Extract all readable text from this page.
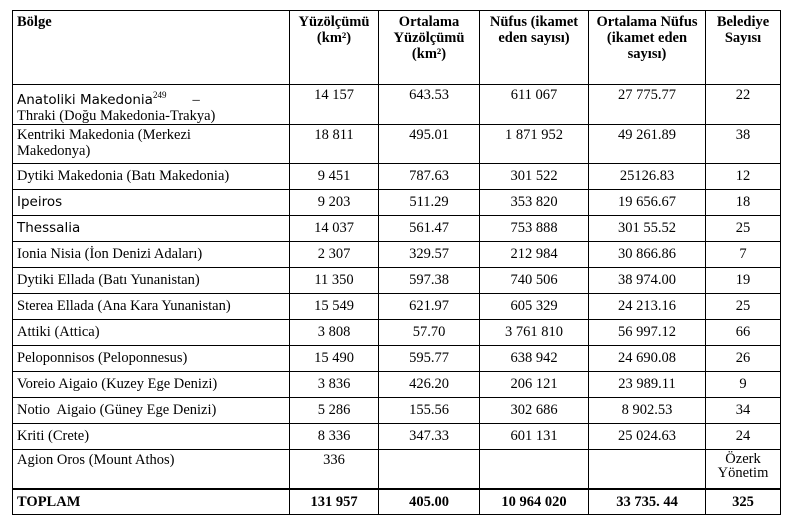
Bölge	Yüzölçümü (km²)	Ortalama Yüzölçümü (km²)	Nüfus (ikamet eden sayısı)	Ortalama Nüfus (ikamet eden sayısı)	Belediye Sayısı
Anatoliki Makedonia$^{249}$ –
Thraki (Doğu Makedonia-Trakya)	14 157	643.53	611 067	27 775.77	22
Kentriki Makedonia (Merkezi
Makedonya)	18 811	495.01	1 871 952	49 261.89	38
Dytiki Makedonia (Batı Makedonia)	9 451	787.63	301 522	25126.83	12
Ipeiros	9 203	511.29	353 820	19 656.67	18
Thessalia	14 037	561.47	753 888	301 55.52	25
Ionia Nisia (İon Denizi Adaları)	2 307	329.57	212 984	30 866.86	7
Dytiki Ellada (Batı Yunanistan)	11 350	597.38	740 506	38 974.00	19
Sterea Ellada (Ana Kara Yunanistan)	15 549	621.97	605 329	24 213.16	25
Attiki (Attica)	3 808	57.70	3 761 810	56 997.12	66
Peloponnisos (Peloponnesus)	15 490	595.77	638 942	24 690.08	26
Voreio Aigaio (Kuzey Ege Denizi)	3 836	426.20	206 121	23 989.11	9
Notio  Aigaio (Güney Ege Denizi)	5 286	155.56	302 686	8 902.53	34
Kriti (Crete)	8 336	347.33	601 131	25 024.63	24
Agion Oros (Mount Athos)	336				Özerk Yönetim
TOPLAM	131 957	405.00	10 964 020	33 735. 44	325
